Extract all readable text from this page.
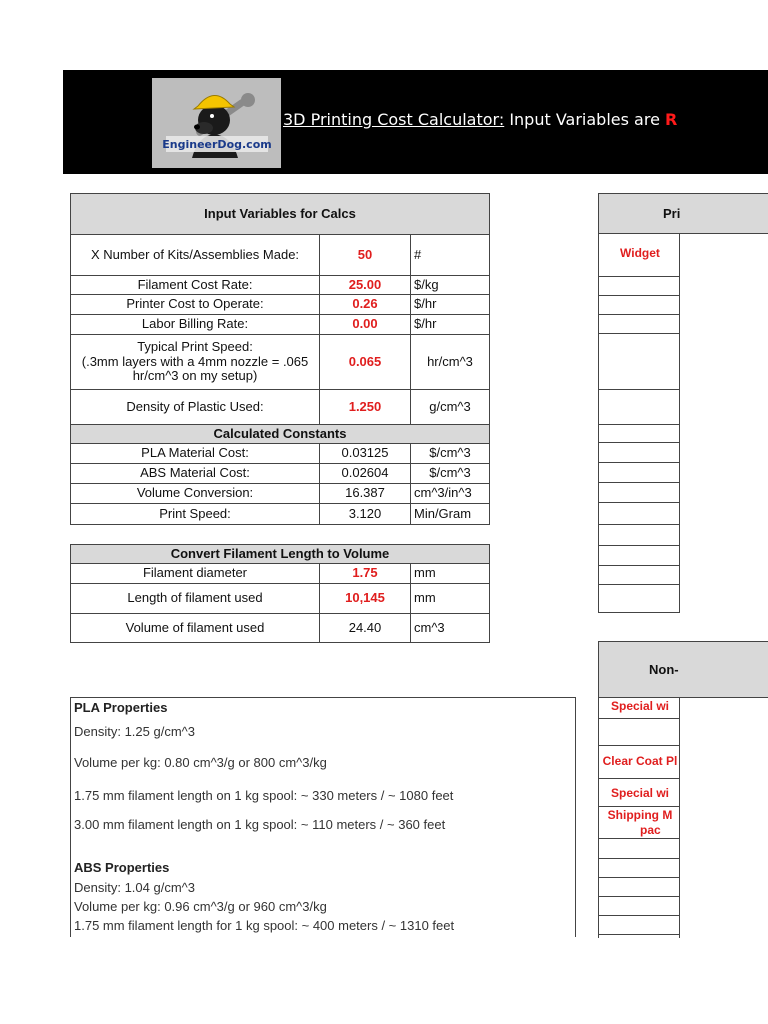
EngineerDog.com
3D Printing Cost Calculator: Input Variables are R
Input Variables for Calcs		
X Number of Kits/Assemblies Made:	50	#
Filament Cost Rate:	25.00	$/kg
Printer Cost to Operate:	0.26	$/hr
Labor Billing Rate:	0.00	$/hr

Typical Print Speed:
(.3mm layers with a 4mm nozzle = .065
hr/cm^3 on my setup)	0.065	hr/cm^3
Density of Plastic Used:	1.250	g/cm^3
Calculated Constants		
PLA Material Cost:	0.03125	$/cm^3
ABS Material Cost:	0.02604	$/cm^3
Volume Conversion:	16.387	cm^3/in^3
Print Speed:	3.120	Min/Gram
Convert Filament Length to Volume		
Filament diameter	1.75	mm
Length of filament used	10,145	mm
Volume of filament used	24.40	cm^3
PLA Properties
Density: 1.25 g/cm^3
Volume per kg: 0.80 cm^3/g or 800 cm^3/kg
1.75 mm filament length on 1 kg spool: ~ 330 meters / ~ 1080 feet
3.00 mm filament length on 1 kg spool: ~ 110 meters / ~ 360 feet
ABS Properties
Density: 1.04 g/cm^3
Volume per kg: 0.96 cm^3/g or 960 cm^3/kg
1.75 mm filament length for 1 kg spool: ~ 400 meters / ~ 1310 feet
Pri
Widget
Non-
Special wi
Clear Coat Pl
Special wi
Shipping M
pac
